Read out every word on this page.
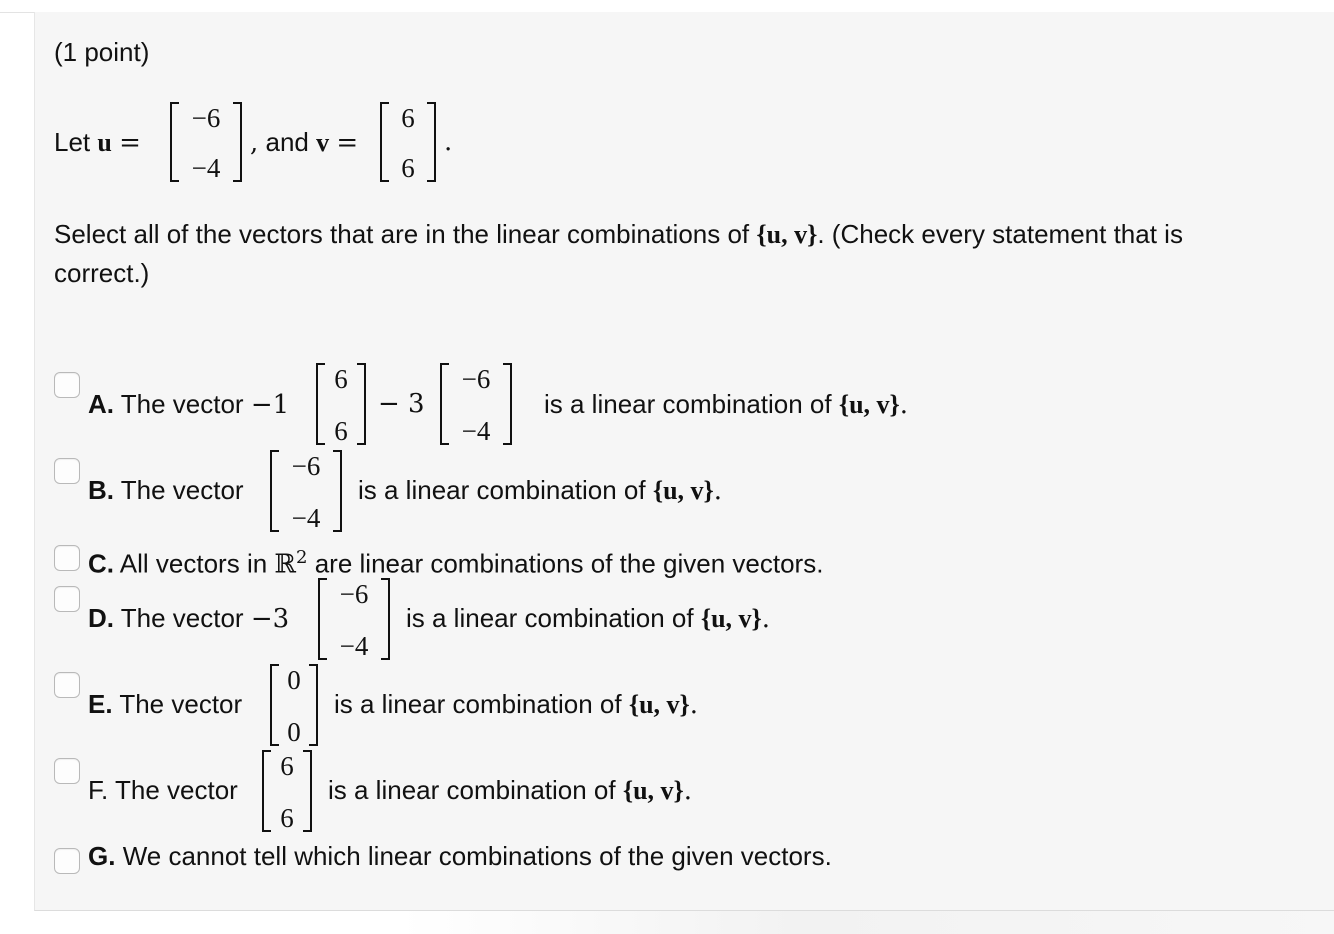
(1 point)
Let u =
−6
−4
, and v =
6
6
.
Select all of the vectors that are in the linear combinations of {u, v}. (Check every statement that is
correct.)
A. The vector −1
6
6
− 3
−6
−4
is a linear combination of {u, v}.
B. The vector
−6
−4
is a linear combination of {u, v}.
C. All vectors in ℝ$^2$ are linear combinations of the given vectors.
D. The vector −3
−6
−4
is a linear combination of {u, v}.
E. The vector
0
0
is a linear combination of {u, v}.
F. The vector
6
6
is a linear combination of {u, v}.
G. We cannot tell which linear combinations of the given vectors.
